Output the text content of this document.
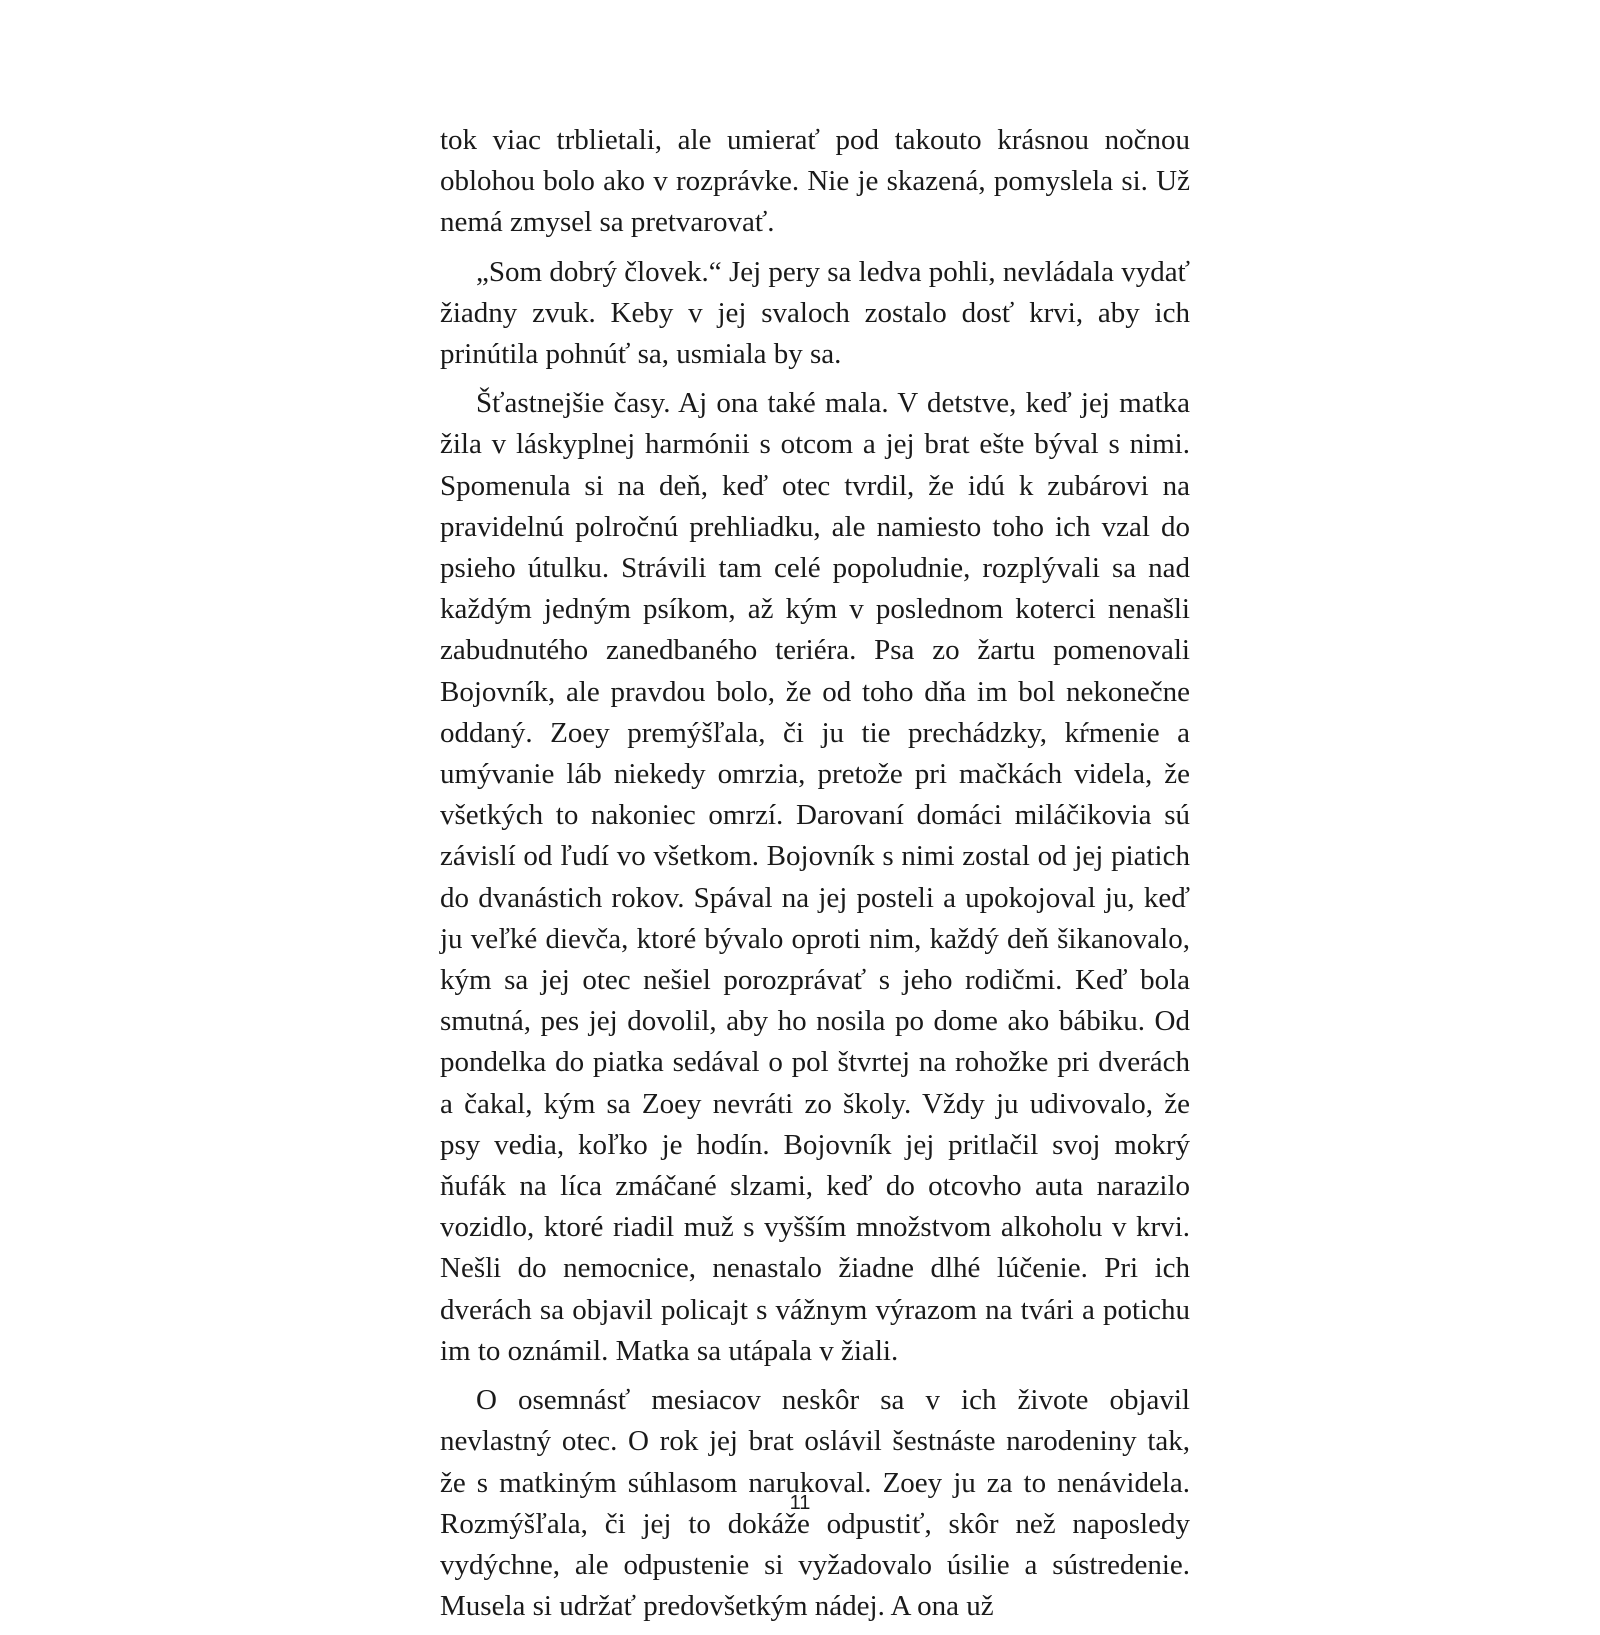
tok viac trblietali, ale umierať pod takouto krásnou nočnou oblohou bolo ako v rozprávke. Nie je skazená, pomyslela si. Už nemá zmysel sa pretvarovať.

„Som dobrý človek.“ Jej pery sa ledva pohli, nevládala vydať žiadny zvuk. Keby v jej svaloch zostalo dosť krvi, aby ich prinútila pohnúť sa, usmiala by sa.

Šťastnejšie časy. Aj ona také mala. V detstve, keď jej matka žila v láskyplnej harmónii s otcom a jej brat ešte býval s nimi. Spomenula si na deň, keď otec tvrdil, že idú k zubárovi na pravidelnú polročnú prehliadku, ale namiesto toho ich vzal do psieho útulku. Strávili tam celé popoludnie, rozplývali sa nad každým jedným psíkom, až kým v poslednom koterci nenašli zabudnutého zanedbaného teriéra. Psa zo žartu pomenovali Bojovník, ale pravdou bolo, že od toho dňa im bol nekonečne oddaný. Zoey premýšľala, či ju tie prechádzky, kŕmenie a umývanie láb niekedy omrzia, pretože pri mačkách videla, že všetkých to nakoniec omrzí. Darovaní domáci miláčikovia sú závislí od ľudí vo všetkom. Bojovník s nimi zostal od jej piatich do dvanástich rokov. Spával na jej posteli a upokojoval ju, keď ju veľké dievča, ktoré bývalo oproti nim, každý deň šikanovalo, kým sa jej otec nešiel porozprávať s jeho rodičmi. Keď bola smutná, pes jej dovolil, aby ho nosila po dome ako bábiku. Od pondelka do piatka sedával o pol štvrtej na rohožke pri dverách a čakal, kým sa Zoey nevráti zo školy. Vždy ju udivovalo, že psy vedia, koľko je hodín. Bojovník jej pritlačil svoj mokrý ňufák na líca zmáčané slzami, keď do otcovho auta narazilo vozidlo, ktoré riadil muž s vyšším množstvom alkoholu v krvi. Nešli do nemocnice, nenastalo žiadne dlhé lúčenie. Pri ich dverách sa objavil policajt s vážnym výrazom na tvári a potichu im to oznámil. Matka sa utápala v žiali.

O osemnásť mesiacov neskôr sa v ich živote objavil nevlastný otec. O rok jej brat oslávil šestnáste narodeniny tak, že s matkiným súhlasom narukoval. Zoey ju za to nenávidela. Rozmýšľala, či jej to dokáže odpustiť, skôr než naposledy vydýchne, ale odpustenie si vyžadovalo úsilie a sústredenie. Musela si udržať predovšetkým nádej. A ona už

11
